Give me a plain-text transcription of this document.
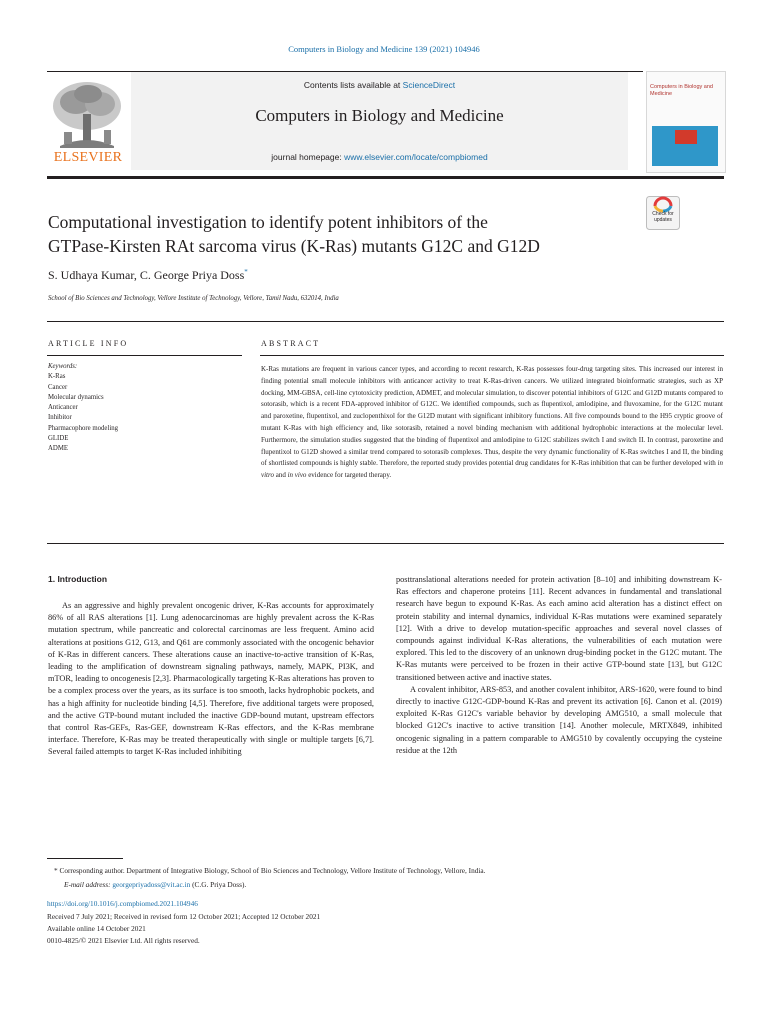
Computers in Biology and Medicine 139 (2021) 104946
Contents lists available at ScienceDirect
Computers in Biology and Medicine
journal homepage: www.elsevier.com/locate/compbiomed
ELSEVIER
Computers in Biology and Medicine
Computational investigation to identify potent inhibitors of the
GTPase-Kirsten RAt sarcoma virus (K-Ras) mutants G12C and G12D
Check for updates
S. Udhaya Kumar, C. George Priya Doss*
School of Bio Sciences and Technology, Vellore Institute of Technology, Vellore, Tamil Nadu, 632014, India
ARTICLE INFO	ABSTRACT
Keywords:
K-Ras
Cancer
Molecular dynamics
Anticancer
Inhibitor
Pharmacophore modeling
GLIDE
ADME
K-Ras mutations are frequent in various cancer types, and according to recent research, K-Ras possesses four-drug targeting sites. This increased our interest in finding potential small molecule inhibitors with anticancer activity to treat K-Ras-driven cancers. We utilized integrated bioinformatic strategies, such as XP docking, MM-GBSA, cell-line cytotoxicity prediction, ADMET, and molecular simulation, to discover potential inhibitors of G12C and G12D mutants compared to sotorasib, which is a recent FDA-approved inhibitor of G12C. We identified compounds, such as flupentixol, amlodipine, and fluvoxamine, for the G12C mutant and paroxetine, flupentixol, and zuclopenthixol for the G12D mutant with significant inhibitory functions. All five compounds bound to the H95 cryptic groove of mutant K-Ras with high efficiency and, like sotorasib, retained a novel binding mechanism with additional hydrophobic interactions at the molecular level. Furthermore, the simulation studies suggested that the binding of flupentixol and amlodipine to G12C stabilizes switch I and switch II. In contrast, paroxetine and flupentixol to G12D showed a similar trend compared to sotorasib complexes. Thus, despite the very dynamic functionality of K-Ras switches I and II, the binding of shortlisted compounds is highly stable. Therefore, the reported study provides potential drug candidates for K-Ras inhibition that can be further developed with in vitro and in vivo evidence for targeted therapy.
1. Introduction

As an aggressive and highly prevalent oncogenic driver, K-Ras accounts for approximately 86% of all RAS alterations [1]. Lung adenocarcinomas are highly prevalent across the K-Ras mutation spectrum, while pancreatic and colorectal carcinomas are less frequent. Amino acid alterations at positions G12, G13, and Q61 are commonly associated with the oncogenic behavior of K-Ras in different cancers. These alterations cause an inactive-to-active transition of K-Ras, leading to the amplification of downstream signaling pathways, namely, MAPK, PI3K, and mTOR, leading to oncogenesis [2,3]. Pharmacologically targeting K-Ras alterations has proven to be a complex process over the years, as its surface is too smooth, lacks hydrophobic pockets, and has a high affinity for nucleotide binding [4,5]. Therefore, five additional targets were proposed, and the active GTP-bound mutant included the inactive GDP-bound mutant, upstream effectors that control Ras-GEFs, Ras-GEF, downstream K-Ras effectors, and the K-Ras membrane interface. Therefore, K-Ras may be treated therapeutically with single or multiple targets [6,7]. Several failed attempts to target K-Ras included inhibiting

posttranslational alterations needed for protein activation [8–10] and inhibiting downstream K-Ras effectors and chaperone proteins [11]. Recent advances in fundamental and translational research have begun to expound K-Ras. As each amino acid alteration has a distinct effect on protein stability and internal dynamics, individual K-Ras mutations were examined separately [12]. With a drive to develop mutation-specific approaches and several novel classes of compounds against individual K-Ras alterations, the vulnerabilities of each mutation were explored. This led to the discovery of an unknown drug-binding pocket in the G12C mutant. The K-Ras mutants were perceived to be frozen in their active GTP-bound state [13], but G12C transitioned between active and inactive states.

A covalent inhibitor, ARS-853, and another covalent inhibitor, ARS-1620, were found to bind directly to inactive G12C-GDP-bound K-Ras and prevent its activation [6]. Canon et al. (2019) exploited K-Ras G12C's variable behavior by developing AMG510, a small molecule that blocked G12C's inactive to active transition [14]. Another molecule, MRTX849, inhibited oncogenic signaling in a pattern comparable to AMG510 by covalently occupying the cysteine residue at the 12th

* Corresponding author. Department of Integrative Biology, School of Bio Sciences and Technology, Vellore Institute of Technology, Vellore, India.
E-mail address: georgepriyadoss@vit.ac.in (C.G. Priya Doss).
https://doi.org/10.1016/j.compbiomed.2021.104946
Received 7 July 2021; Received in revised form 12 October 2021; Accepted 12 October 2021
Available online 14 October 2021
0010-4825/© 2021 Elsevier Ltd. All rights reserved.
